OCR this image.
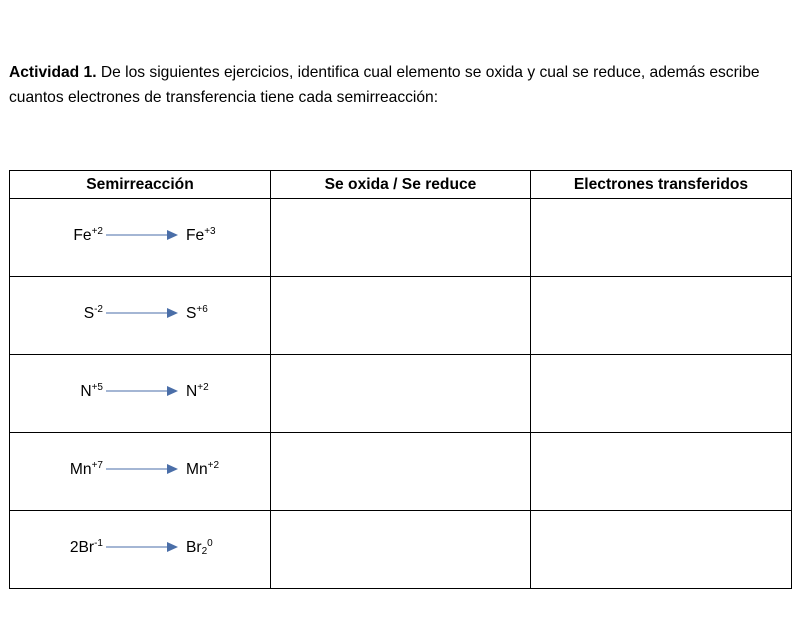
Actividad 1. De los siguientes ejercicios, identifica cual elemento se oxida y cual se reduce, además escribe cuantos electrones de transferencia tiene cada semirreacción:

Semirreacción	Se oxida / Se reduce	Electrones transferidos

$Fe^{+2}$ $Fe^{+3}$

$S^{-2}$ $S^{+6}$

$N^{+5}$ $N^{+2}$

$Mn^{+7}$ $Mn^{+2}$

$2Br^{-1}$ $Br_2^0$
